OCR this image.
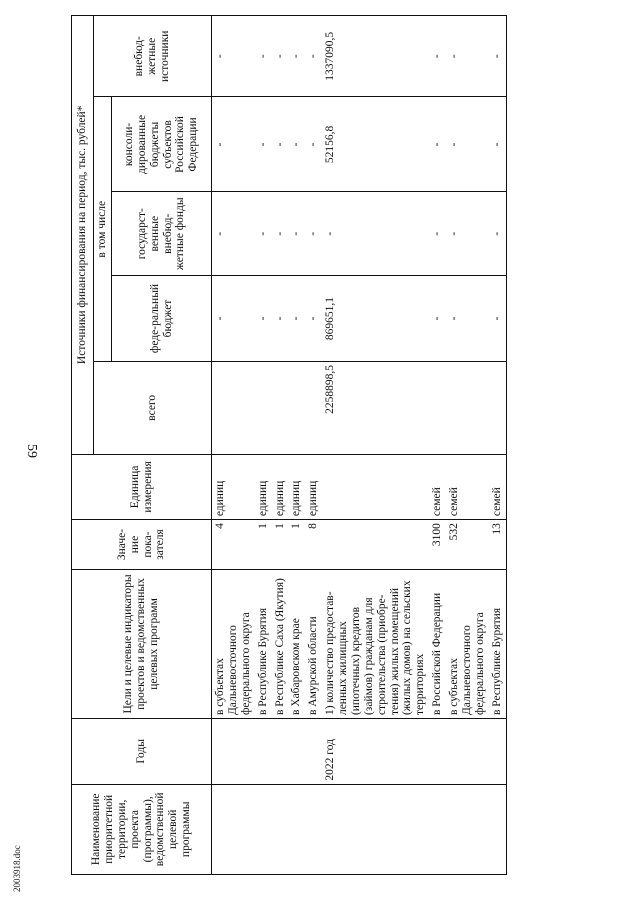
59
Наименование приоритетной территории, проекта (программы), ведомственной целевой программы	Годы	Цели и целевые индикаторы проектов и ведомственных целевых программ	Значе-ние пока-зателя	Единица измерения	Источники финансирования на период, тыс. рублей*				
					всего	в том числе			внебюд-жетные источники
						феде-ральный бюджет	государст-венные внебюд-жетные фонды	консоли-дированные бюджеты субъектов Российской Федерации	
		в субъектах Дальневосточного федерального округа	4	единиц		-	-	-	-
		в Республике Бурятия	1	единиц		-	-	-	-
		в Республике Саха (Якутия)	1	единиц		-	-	-	-
		в Хабаровском крае	1	единиц		-	-	-	-
		в Амурской области	8	единиц		-	-	-	-
	2022 год	1) количество предостав-ленных жилищных (ипотечных) кредитов (займов) гражданам для строительства (приобре-тения) жилых помещений (жилых домов) на сельских территориях			2258898,5	869651,1	-	52156,8	1337090,5
		в Российской Федерации	3100	семей		-	-	-	-
		в субъектах Дальневосточного федерального округа	532	семей		-	-	-	-
		в Республике Бурятия	13	семей		-	-	-	-
2003918.doc
